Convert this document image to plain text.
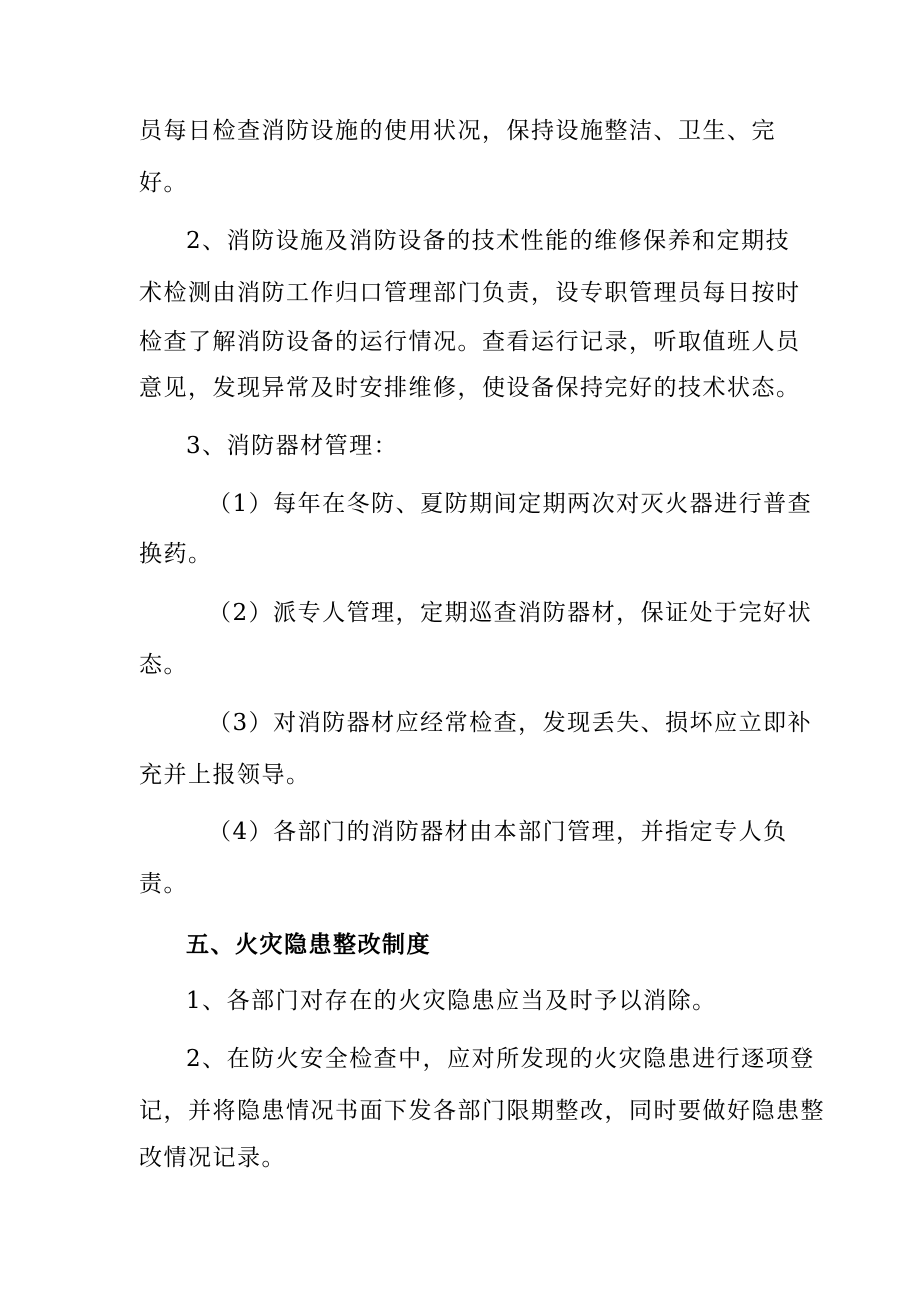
员每日检查消防设施的使用状况，保持设施整洁、卫生、完
好。
2、消防设施及消防设备的技术性能的维修保养和定期技
术检测由消防工作归口管理部门负责，设专职管理员每日按时
检查了解消防设备的运行情况。查看运行记录，听取值班人员
意见，发现异常及时安排维修，使设备保持完好的技术状态。
3、消防器材管理：
（1）每年在冬防、夏防期间定期两次对灭火器进行普查
换药。
（2）派专人管理，定期巡查消防器材，保证处于完好状
态。
（3）对消防器材应经常检查，发现丢失、损坏应立即补
充并上报领导。
（4）各部门的消防器材由本部门管理，并指定专人负
责。
五、火灾隐患整改制度
1、各部门对存在的火灾隐患应当及时予以消除。
2、在防火安全检查中，应对所发现的火灾隐患进行逐项登
记，并将隐患情况书面下发各部门限期整改，同时要做好隐患整
改情况记录。
